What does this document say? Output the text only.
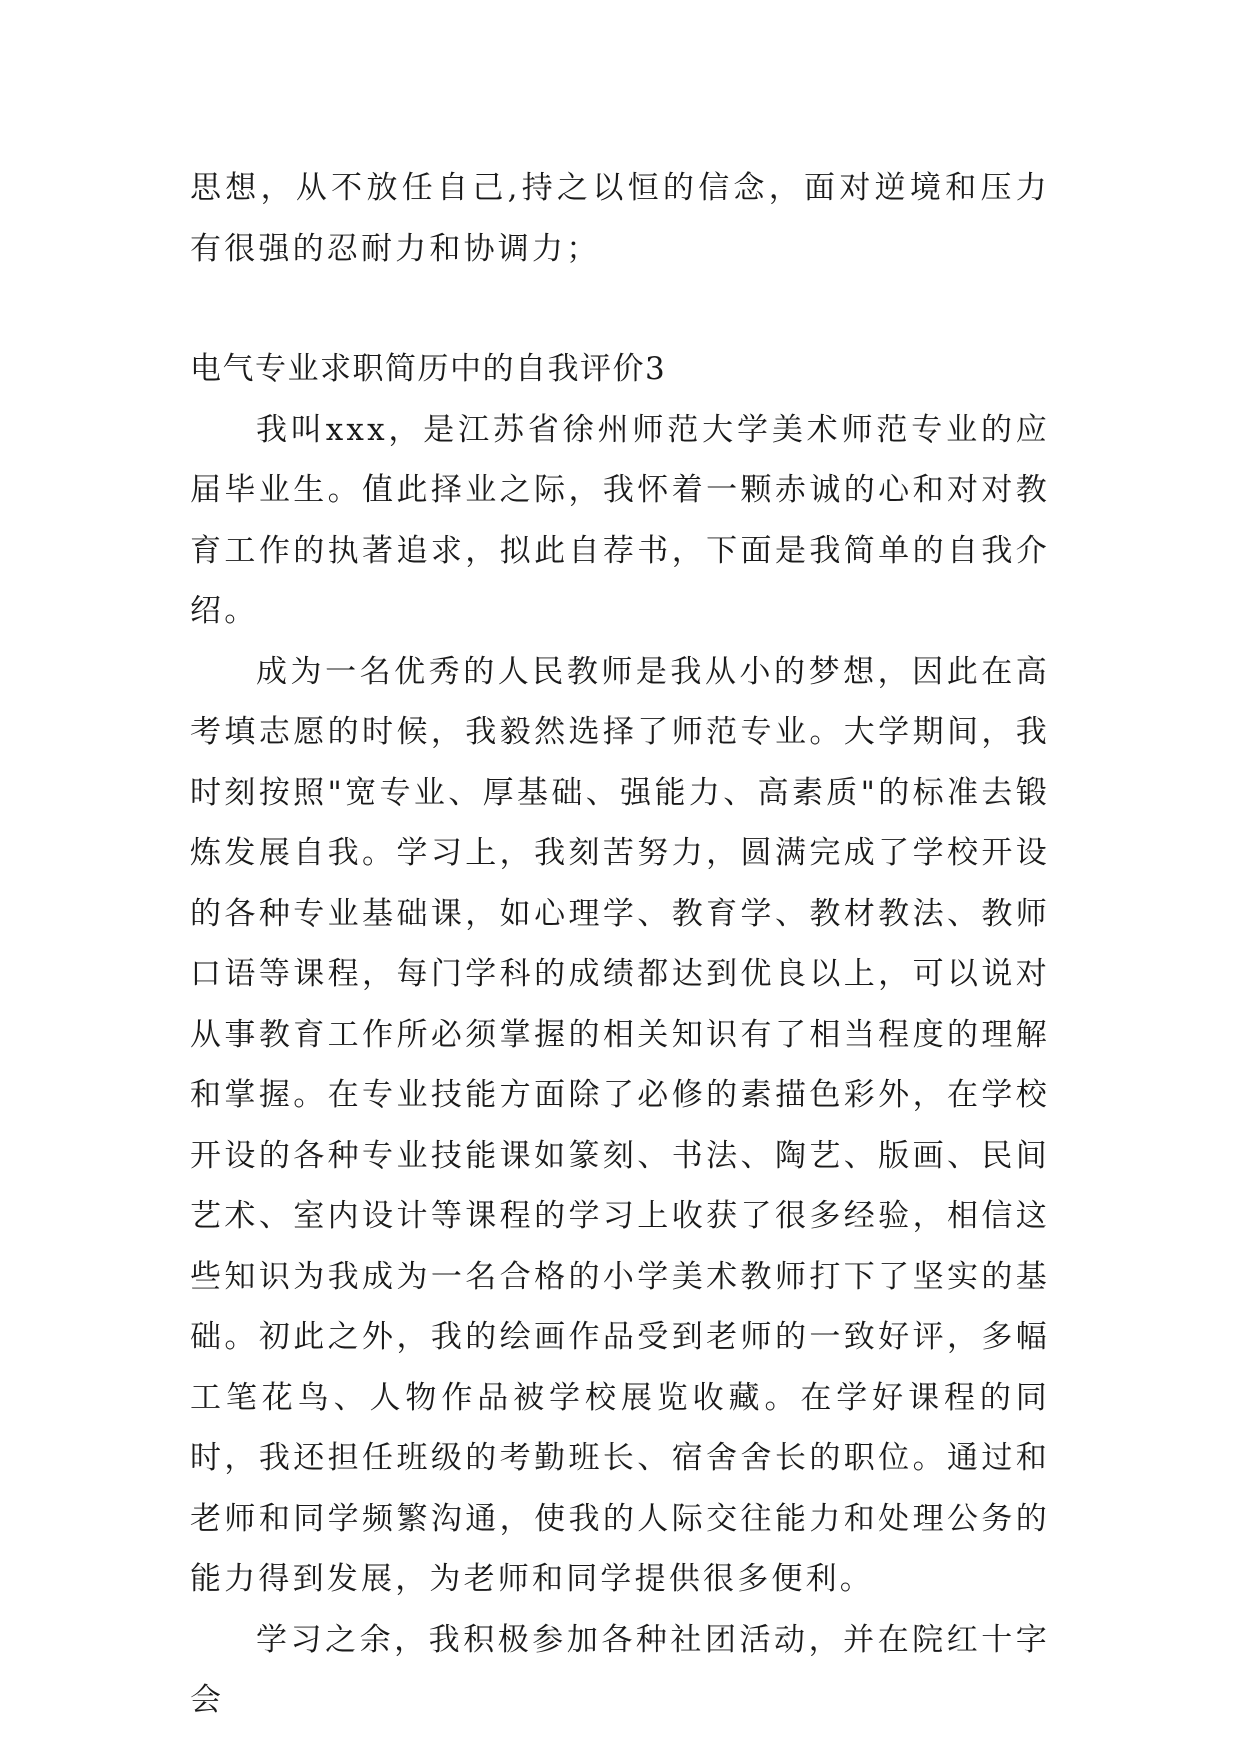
思想，从不放任自己,持之以恒的信念，面对逆境和压力有很强的忍耐力和协调力；

电气专业求职简历中的自我评价3

我叫xxx，是江苏省徐州师范大学美术师范专业的应届毕业生。值此择业之际，我怀着一颗赤诚的心和对对教育工作的执著追求，拟此自荐书，下面是我简单的自我介绍。

成为一名优秀的人民教师是我从小的梦想，因此在高考填志愿的时候，我毅然选择了师范专业。大学期间，我时刻按照"宽专业、厚基础、强能力、高素质"的标准去锻炼发展自我。学习上，我刻苦努力，圆满完成了学校开设的各种专业基础课，如心理学、教育学、教材教法、教师口语等课程，每门学科的成绩都达到优良以上，可以说对从事教育工作所必须掌握的相关知识有了相当程度的理解和掌握。在专业技能方面除了必修的素描色彩外，在学校开设的各种专业技能课如篆刻、书法、陶艺、版画、民间艺术、室内设计等课程的学习上收获了很多经验，相信这些知识为我成为一名合格的小学美术教师打下了坚实的基础。初此之外，我的绘画作品受到老师的一致好评，多幅工笔花鸟、人物作品被学校展览收藏。在学好课程的同时，我还担任班级的考勤班长、宿舍舍长的职位。通过和老师和同学频繁沟通，使我的人际交往能力和处理公务的能力得到发展，为老师和同学提供很多便利。

学习之余，我积极参加各种社团活动，并在院红十字会
